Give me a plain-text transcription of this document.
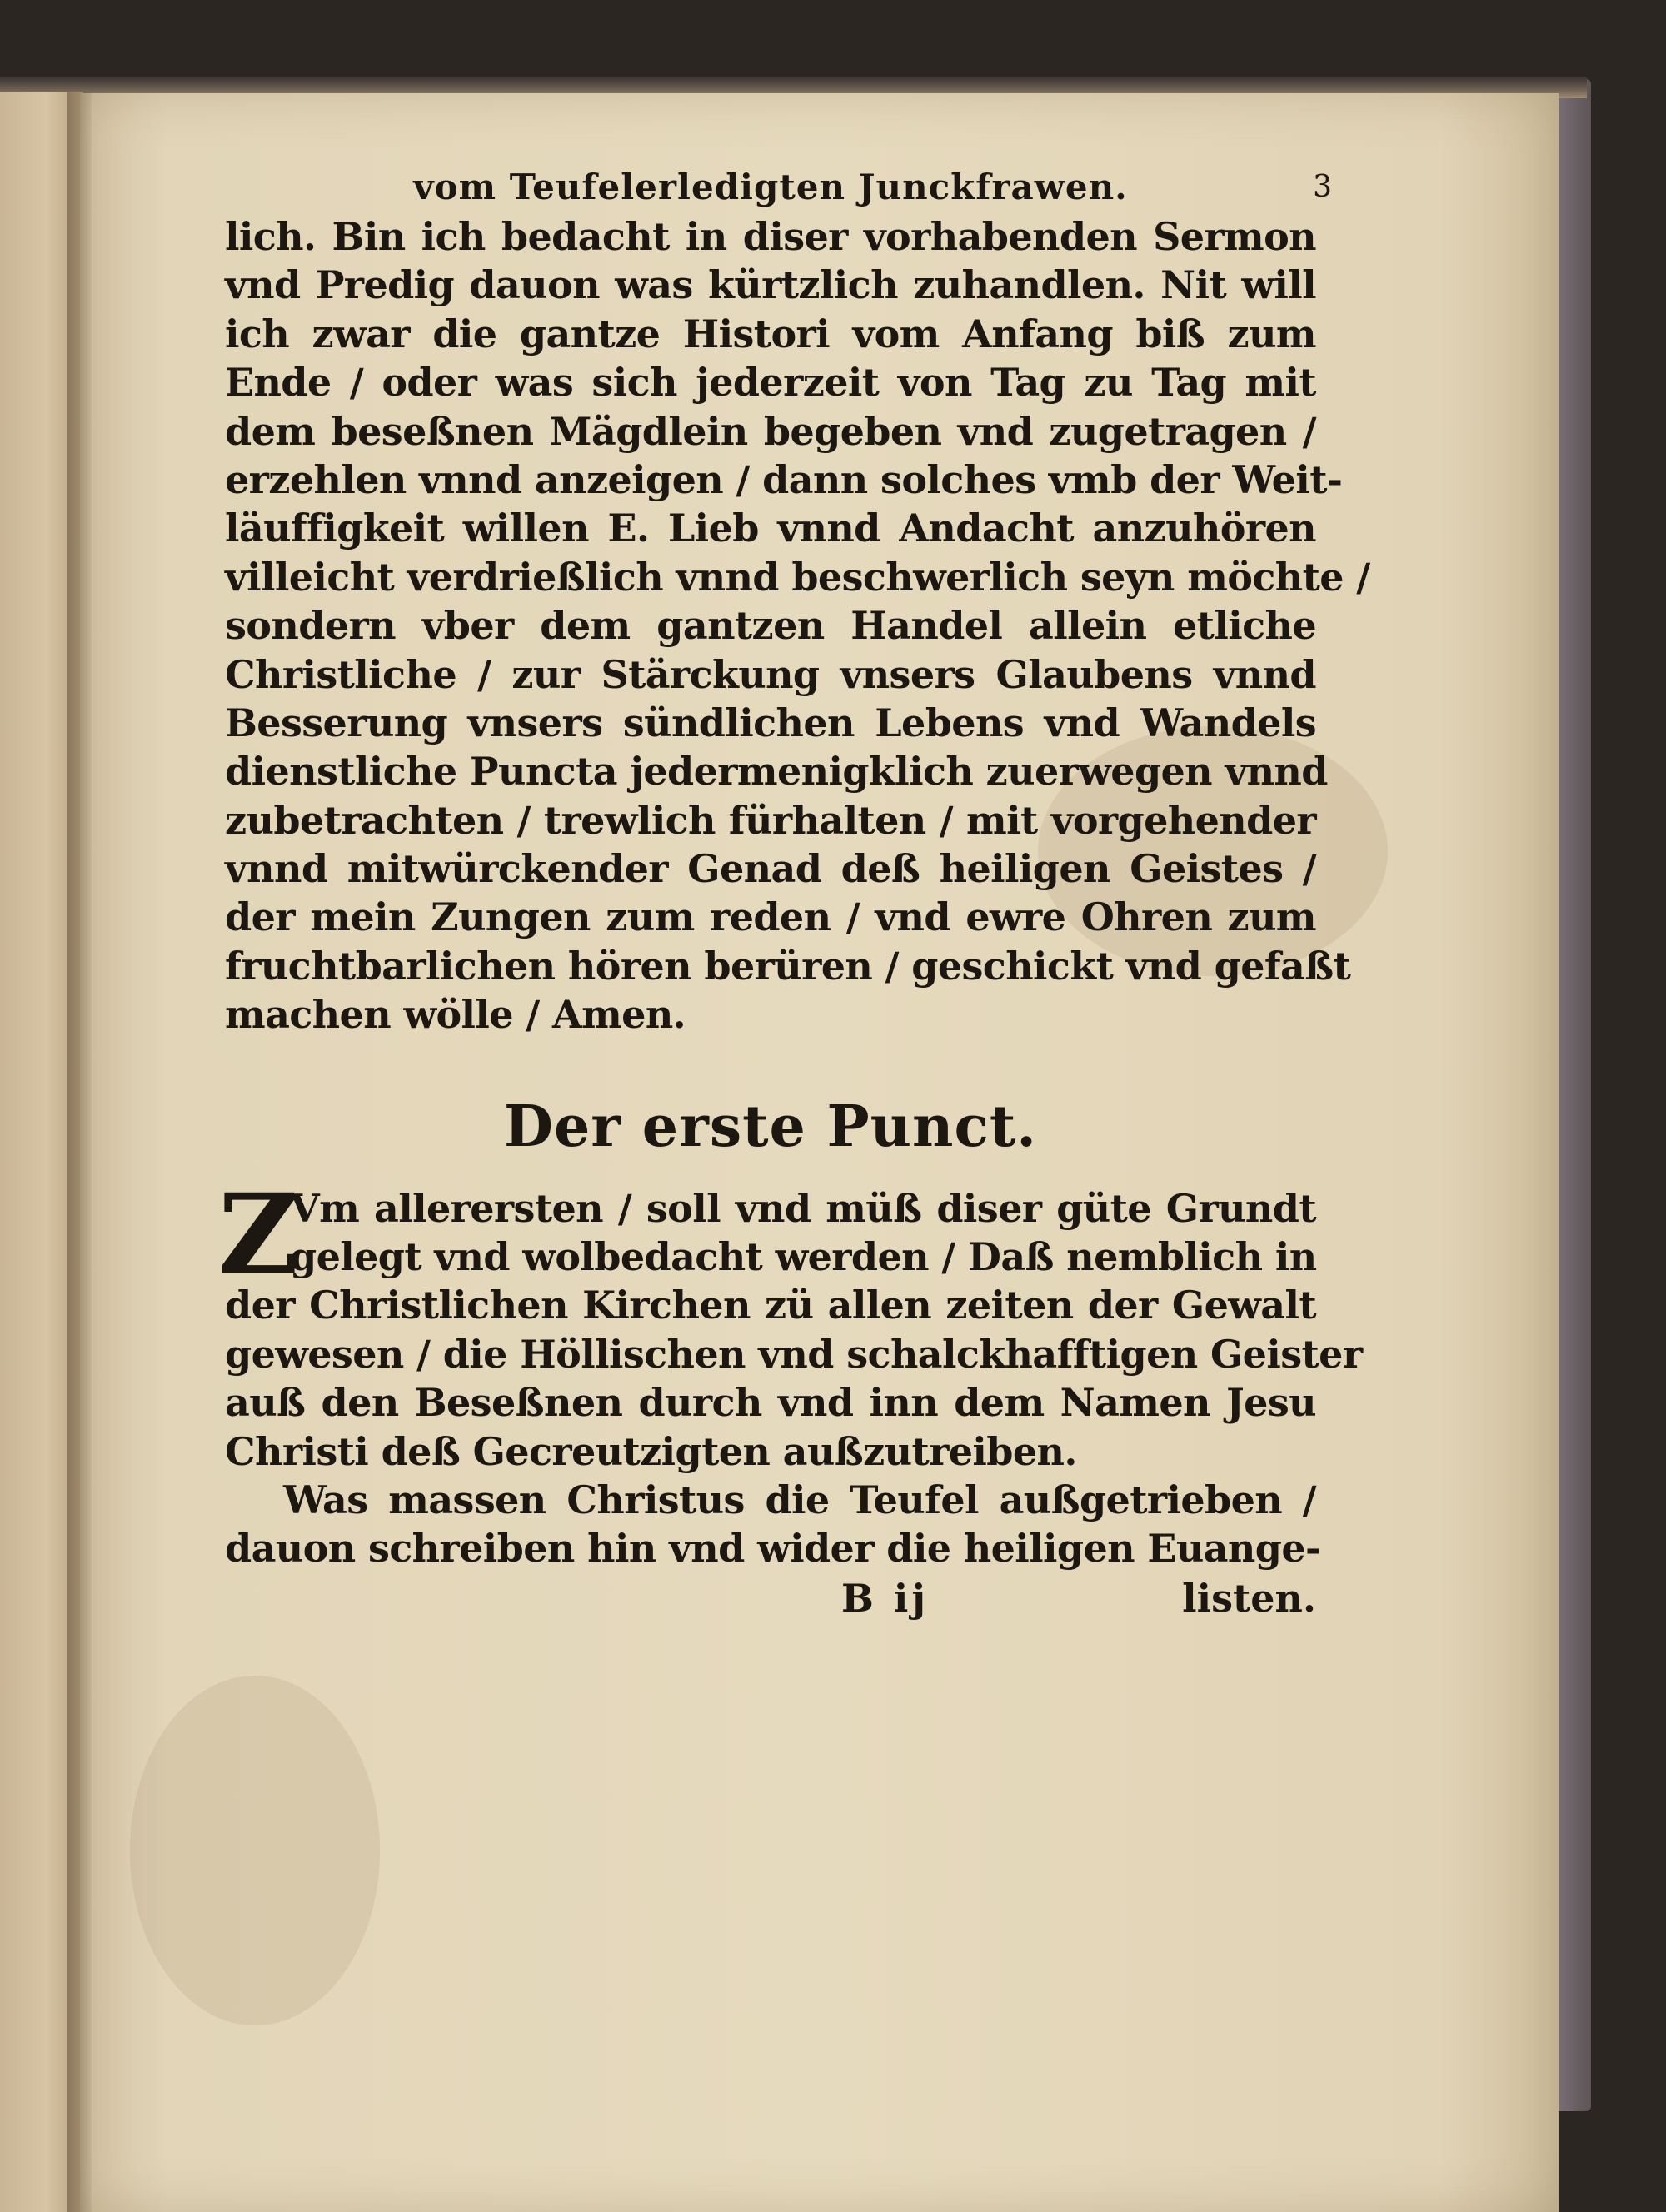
vom Teufelerledigten Junckfrawen.	3
lich. Bin ich bedacht in diser vorhabenden Sermon
vnd Predig dauon was kürtzlich zuhandlen. Nit will
ich zwar die gantze Histori vom Anfang biß zum
Ende / oder was sich jederzeit von Tag zu Tag mit
dem beseßnen Mägdlein begeben vnd zugetragen /
erzehlen vnnd anzeigen / dann solches vmb der Weit-
läuffigkeit willen E. Lieb vnnd Andacht anzuhören
villeicht verdrießlich vnnd beschwerlich seyn möchte /
sondern vber dem gantzen Handel allein etliche
Christliche / zur Stärckung vnsers Glaubens vnnd
Besserung vnsers sündlichen Lebens vnd Wandels
dienstliche Puncta jedermenigklich zuerwegen vnnd
zubetrachten / trewlich fürhalten / mit vorgehender
vnnd mitwürckender Genad deß heiligen Geistes /
der mein Zungen zum reden / vnd ewre Ohren zum
fruchtbarlichen hören berüren / geschickt vnd gefaßt
machen wölle / Amen.
Der erste Punct.
Z
Vm allerersten / soll vnd müß diser güte Grundt
gelegt vnd wolbedacht werden / Daß nemblich in
der Christlichen Kirchen zü allen zeiten der Gewalt
gewesen / die Höllischen vnd schalckhafftigen Geister
auß den Beseßnen durch vnd inn dem Namen Jesu
Christi deß Gecreutzigten außzutreiben.
Was massen Christus die Teufel außgetrieben /
dauon schreiben hin vnd wider die heiligen Euange-
B ij	listen.
